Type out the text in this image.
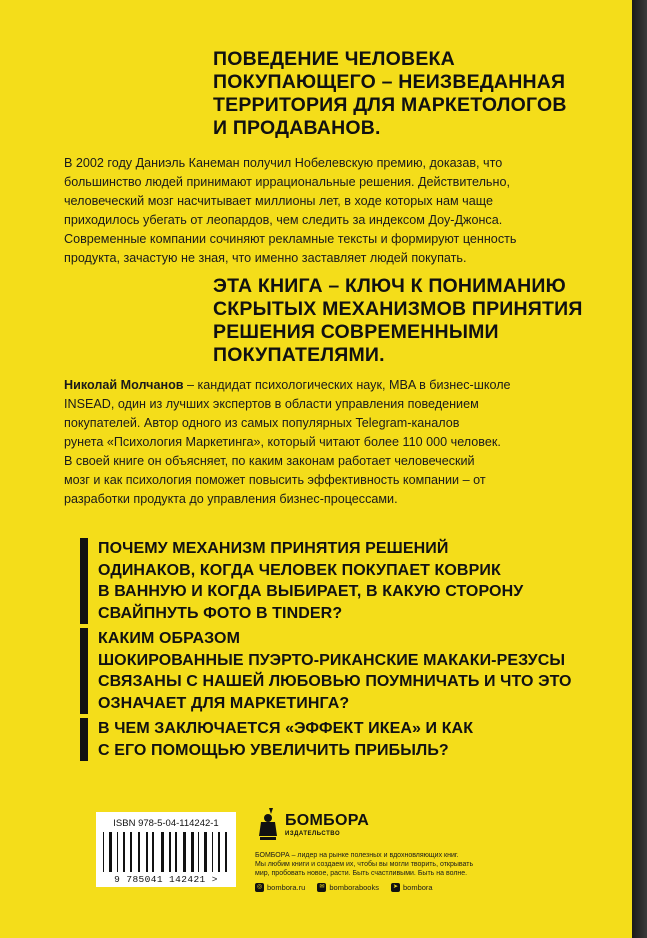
ПОВЕДЕНИЕ ЧЕЛОВЕКА
ПОКУПАЮЩЕГО – НЕИЗВЕДАННАЯ
ТЕРРИТОРИЯ ДЛЯ МАРКЕТОЛОГОВ
И ПРОДАВАНОВ.
В 2002 году Даниэль Канеман получил Нобелевскую премию, доказав, что
большинство людей принимают иррациональные решения. Действительно,
человеческий мозг насчитывает миллионы лет, в ходе которых нам чаще
приходилось убегать от леопардов, чем следить за индексом Доу-Джонса.
Современные компании сочиняют рекламные тексты и формируют ценность
продукта, зачастую не зная, что именно заставляет людей покупать.
ЭТА КНИГА – КЛЮЧ К ПОНИМАНИЮ
СКРЫТЫХ МЕХАНИЗМОВ ПРИНЯТИЯ
РЕШЕНИЯ СОВРЕМЕННЫМИ
ПОКУПАТЕЛЯМИ.
Николай Молчанов – кандидат психологических наук, MBA в бизнес-школе
INSEAD, один из лучших экспертов в области управления поведением
покупателей. Автор одного из самых популярных Telegram-каналов
рунета «Психология Маркетинга», который читают более 110 000 человек.
В своей книге он объясняет, по каким законам работает человеческий
мозг и как психология поможет повысить эффективность компании – от
разработки продукта до управления бизнес-процессами.
ПОЧЕМУ МЕХАНИЗМ ПРИНЯТИЯ РЕШЕНИЙ
ОДИНАКОВ, КОГДА ЧЕЛОВЕК ПОКУПАЕТ КОВРИК
В ВАННУЮ И КОГДА ВЫБИРАЕТ, В КАКУЮ СТОРОНУ
СВАЙПНУТЬ ФОТО В TINDER?
КАКИМ ОБРАЗОМ
ШОКИРОВАННЫЕ ПУЭРТО-РИКАНСКИЕ МАКАКИ-РЕЗУСЫ
СВЯЗАНЫ С НАШЕЙ ЛЮБОВЬЮ ПОУМНИЧАТЬ И ЧТО ЭТО
ОЗНАЧАЕТ ДЛЯ МАРКЕТИНГА?
В ЧЕМ ЗАКЛЮЧАЕТСЯ «ЭФФЕКТ ИКЕА» И КАК
С ЕГО ПОМОЩЬЮ УВЕЛИЧИТЬ ПРИБЫЛЬ?
ISBN 978-5-04-114242-1
9 785041 142421 >
БОМБОРА
ИЗДАТЕЛЬСТВО
БОМБОРА – лидер на рынке полезных и вдохновляющих книг.
Мы любим книги и создаем их, чтобы вы могли творить, открывать
мир, пробовать новое, расти. Быть счастливыми. Быть на волне.
◎ bombora.ru	✉ bomborabooks	➤ bombora
